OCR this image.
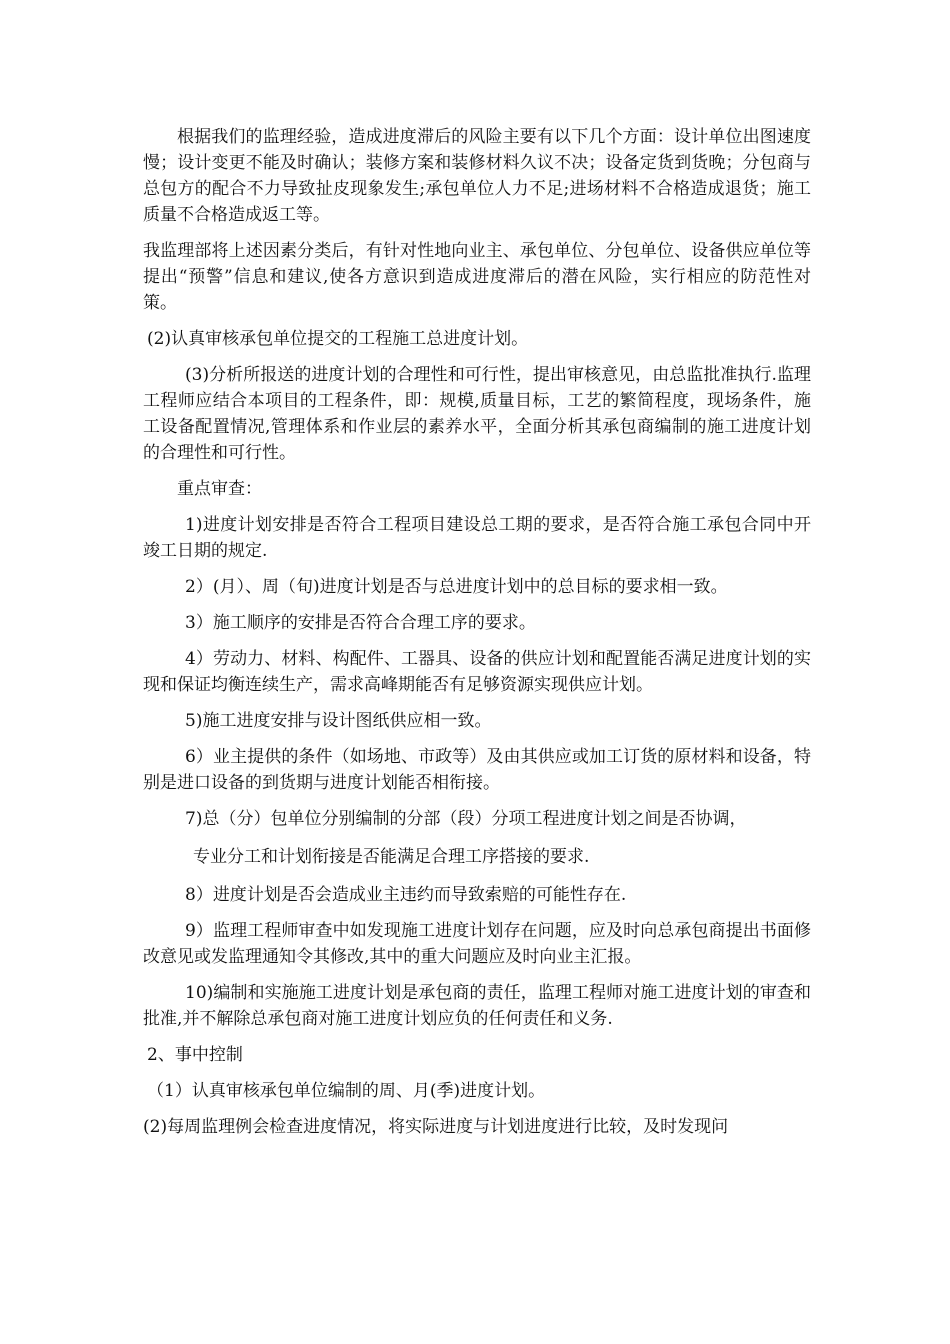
根据我们的监理经验，造成进度滞后的风险主要有以下几个方面：设计单位出图速度慢；设计变更不能及时确认；装修方案和装修材料久议不决；设备定货到货晚；分包商与总包方的配合不力导致扯皮现象发生;承包单位人力不足;进场材料不合格造成退货；施工质量不合格造成返工等。

我监理部将上述因素分类后，有针对性地向业主、承包单位、分包单位、设备供应单位等提出“预警”信息和建议,使各方意识到造成进度滞后的潜在风险，实行相应的防范性对策。

(2)认真审核承包单位提交的工程施工总进度计划。

(3)分析所报送的进度计划的合理性和可行性，提出审核意见，由总监批准执行.监理工程师应结合本项目的工程条件，即：规模,质量目标，工艺的繁简程度，现场条件，施工设备配置情况,管理体系和作业层的素养水平，全面分析其承包商编制的施工进度计划的合理性和可行性。

重点审查：

1)进度计划安排是否符合工程项目建设总工期的要求，是否符合施工承包合同中开竣工日期的规定.

2）(月）、周（旬)进度计划是否与总进度计划中的总目标的要求相一致。

3）施工顺序的安排是否符合合理工序的要求。

4）劳动力、材料、构配件、工器具、设备的供应计划和配置能否满足进度计划的实现和保证均衡连续生产，需求高峰期能否有足够资源实现供应计划。

5)施工进度安排与设计图纸供应相一致。

6）业主提供的条件（如场地、市政等）及由其供应或加工订货的原材料和设备，特别是进口设备的到货期与进度计划能否相衔接。

7)总（分）包单位分别编制的分部（段）分项工程进度计划之间是否协调，

专业分工和计划衔接是否能满足合理工序搭接的要求.

8）进度计划是否会造成业主违约而导致索赔的可能性存在.

9）监理工程师审查中如发现施工进度计划存在问题，应及时向总承包商提出书面修改意见或发监理通知令其修改,其中的重大问题应及时向业主汇报。

10)编制和实施施工进度计划是承包商的责任，监理工程师对施工进度计划的审查和批准,并不解除总承包商对施工进度计划应负的任何责任和义务.

2、事中控制

（1）认真审核承包单位编制的周、月(季)进度计划。

(2)每周监理例会检查进度情况，将实际进度与计划进度进行比较，及时发现问
